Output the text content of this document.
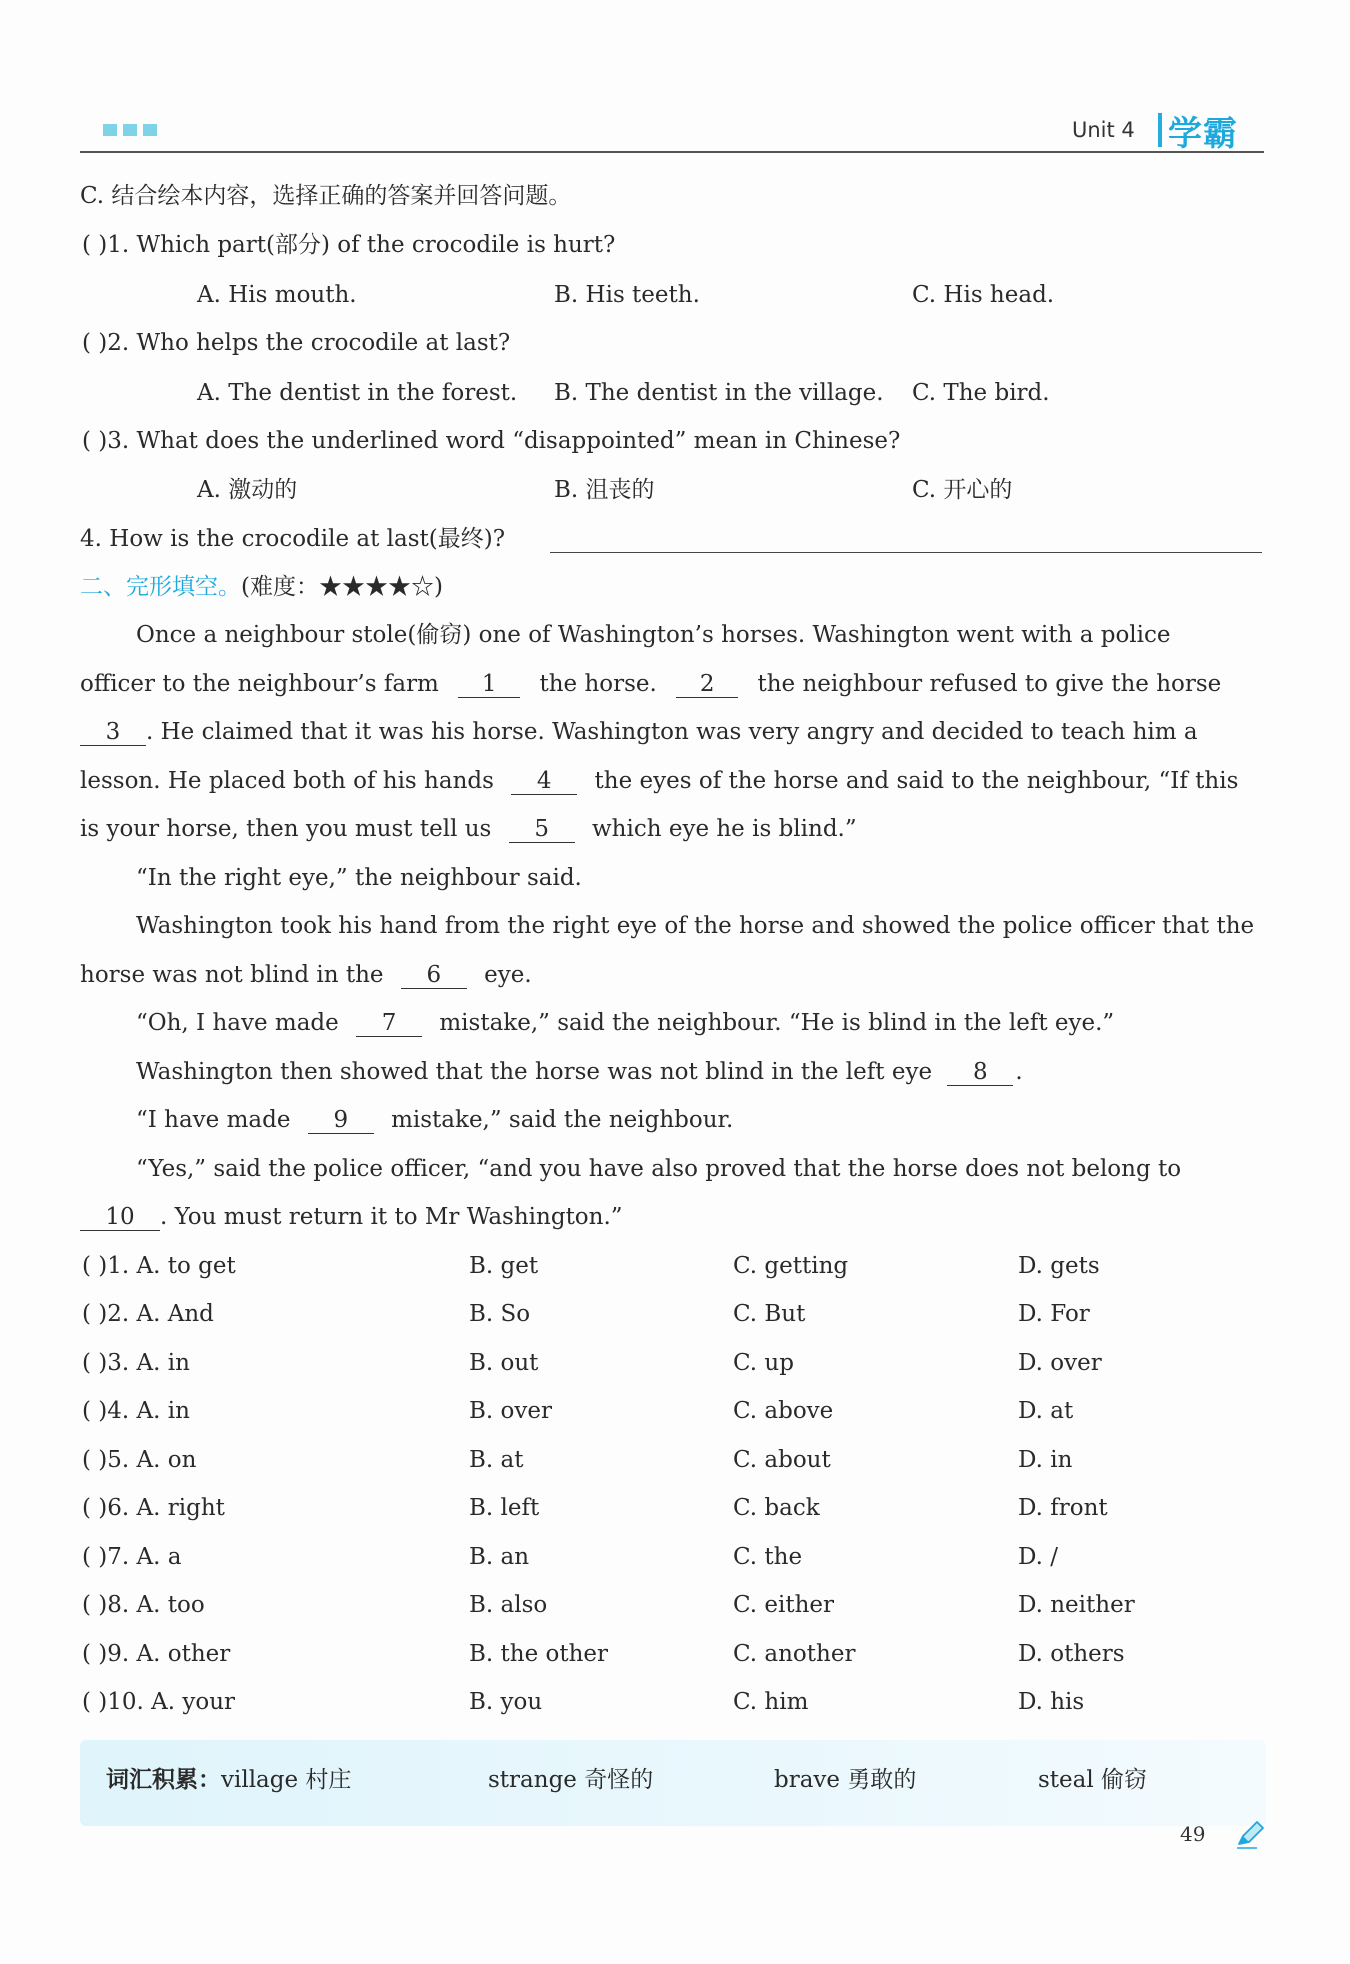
Unit 4 学霸
C. 结合绘本内容，选择正确的答案并回答问题。
( )1. Which part(部分) of the crocodile is hurt?
A. His mouth.	B. His teeth.	C. His head.
( )2. Who helps the crocodile at last?
A. The dentist in the forest. B. The dentist in the village. C. The bird.
( )3. What does the underlined word “disappointed” mean in Chinese?
A. 激动的	B. 沮丧的	C. 开心的
4. How is the crocodile at last(最终)?
二、完形填空。(难度：★★★★☆)
Once a neighbour stole(偷窃) one of Washington’s horses. Washington went with a police
officer to the neighbour’s farm 1 the horse. 2 the neighbour refused to give the horse
3 . He claimed that it was his horse. Washington was very angry and decided to teach him a
lesson. He placed both of his hands 4 the eyes of the horse and said to the neighbour, “If this
is your horse, then you must tell us 5 which eye he is blind.”
“In the right eye,” the neighbour said.
Washington took his hand from the right eye of the horse and showed the police officer that the
horse was not blind in the 6 eye.
“Oh, I have made 7 mistake,” said the neighbour. “He is blind in the left eye.”
Washington then showed that the horse was not blind in the left eye 8 .
“I have made 9 mistake,” said the neighbour.
“Yes,” said the police officer, “and you have also proved that the horse does not belong to
10 . You must return it to Mr Washington.”
( )1. A. to get	B. get	C. getting	D. gets
( )2. A. And	B. So	C. But	D. For
( )3. A. in	B. out	C. up	D. over
( )4. A. in	B. over	C. above	D. at
( )5. A. on	B. at	C. about	D. in
( )6. A. right	B. left	C. back	D. front
( )7. A. a	B. an	C. the	D. /
( )8. A. too	B. also	C. either	D. neither
( )9. A. other	B. the other	C. another	D. others
( )10. A. your	B. you	C. him	D. his
词汇积累：village 村庄	strange 奇怪的	brave 勇敢的	steal 偷窃
49
